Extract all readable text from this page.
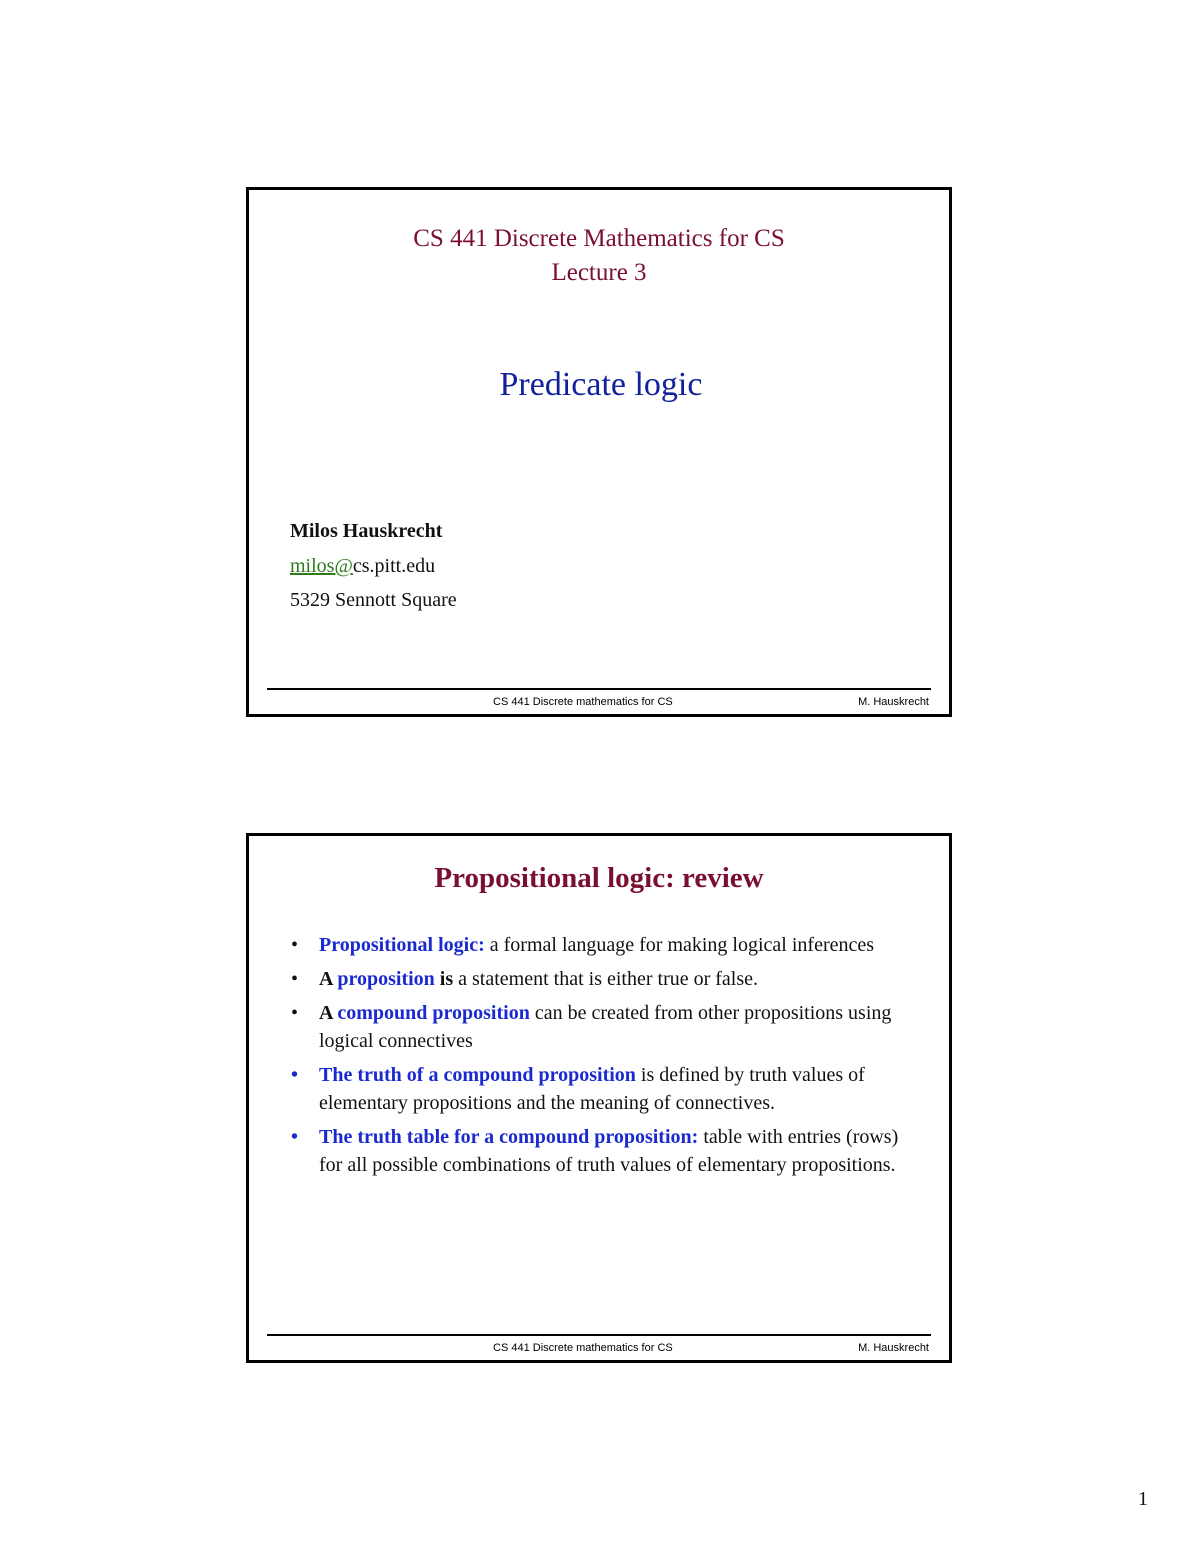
CS 441 Discrete Mathematics for CS
Lecture 3
Predicate logic
Milos Hauskrecht
milos@cs.pitt.edu
5329 Sennott Square
CS 441 Discrete mathematics for CS	M. Hauskrecht
Propositional logic: review
• Propositional logic: a formal language for making logical inferences
• A proposition is a statement that is either true or false.
• A compound proposition can be created from other propositions using logical connectives
• The truth of a compound proposition is defined by truth values of elementary propositions and the meaning of connectives.
• The truth table for a compound proposition: table with entries (rows) for all possible combinations of truth values of elementary propositions.
CS 441 Discrete mathematics for CS	M. Hauskrecht
1
